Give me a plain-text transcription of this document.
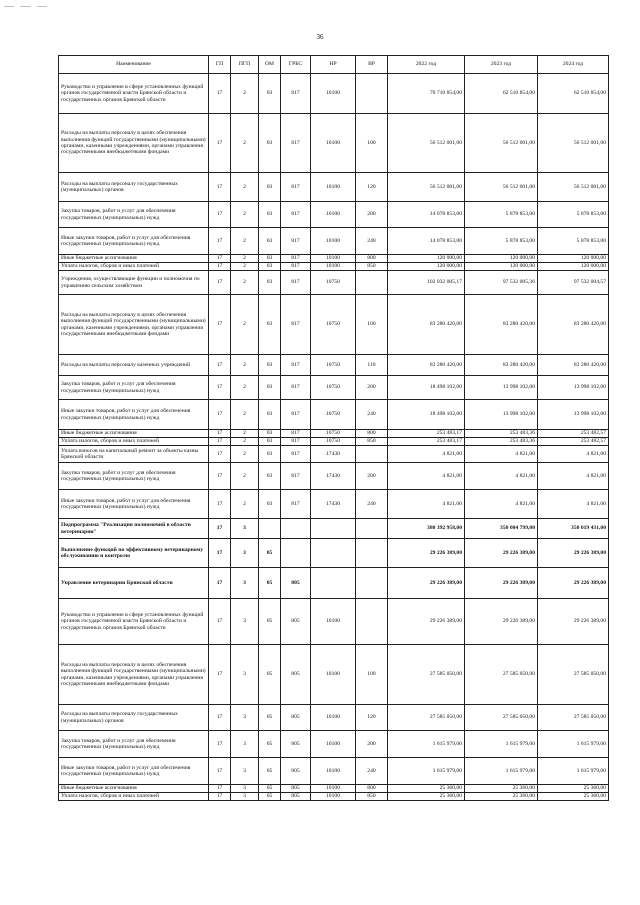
— — —
36
Наименование	ГП	ПГП	ОМ	ГРБС	НР	ВР	2022 год	2023 год	2024 год
Руководство и управление в сфере установленных функций органов государственной власти Брянской области и государственных органов Брянской области	17	2	03	817	10100		70 710 854,00	62 510 854,00	62 510 854,00
Расходы на выплаты персоналу в целях обеспечения выполнения функций государственными (муниципальными) органами, казенными учреждениями, органами управления государственными внебюджетными фондами	17	2	03	817	10100	100	56 512 001,00	56 512 001,00	56 512 001,00
Расходы на выплаты персоналу государственных (муниципальных) органов	17	2	03	817	10100	120	56 512 001,00	56 512 001,00	56 512 001,00
Закупка товаров, работ и услуг для обеспечения государственных (муниципальных) нужд	17	2	03	817	10100	200	14 078 853,00	5 878 853,00	5 878 853,00
Иные закупки товаров, работ и услуг для обеспечения государственных (муниципальных) нужд	17	2	03	817	10100	240	14 078 853,00	5 878 853,00	5 878 853,00
Иные бюджетные ассигнования	17	2	03	817	10100	800	120 000,00	120 000,00	120 000,00
Уплата налогов, сборов и иных платежей	17	2	03	817	10100	850	120 000,00	120 000,00	120 000,00
Учреждения, осуществляющие функции и полномочия по управлению сельским хозяйством	17	2	03	817	10750		102 032 005,17	97 532 005,36	97 532 004,57
Расходы на выплаты персоналу в целях обеспечения выполнения функций государственными (муниципальными) органами, казенными учреждениями, органами управления государственными внебюджетными фондами	17	2	03	817	10750	100	83 280 420,00	83 280 420,00	83 280 420,00
Расходы на выплаты персоналу казенных учреждений	17	2	03	817	10750	110	83 280 420,00	83 280 420,00	83 280 420,00
Закупка товаров, работ и услуг для обеспечения государственных (муниципальных) нужд	17	2	03	817	10750	200	18 498 102,00	13 998 102,00	13 998 102,00
Иные закупки товаров, работ и услуг для обеспечения государственных (муниципальных) нужд	17	2	03	817	10750	240	18 498 102,00	13 998 102,00	13 998 102,00
Иные бюджетные ассигнования	17	2	03	817	10750	800	253 483,17	253 483,36	253 482,57
Уплата налогов, сборов и иных платежей	17	2	03	817	10750	850	253 483,17	253 483,36	253 482,57
Уплата взносов на капитальный ремонт за объекты казны Брянской области	17	2	03	817	17430		4 821,00	4 821,00	4 821,00
Закупка товаров, работ и услуг для обеспечения государственных (муниципальных) нужд	17	2	03	817	17430	200	4 821,00	4 821,00	4 821,00
Иные закупки товаров, работ и услуг для обеспечения государственных (муниципальных) нужд	17	2	03	817	17430	240	4 821,00	4 821,00	4 821,00
Подпрограмма "Реализация полномочий в области ветеринарии"	17	3					380 392 958,00	350 084 799,00	350 019 431,00
Выполнение функций по эффективному ветеринарному обслуживанию и контролю	17	3	05				29 226 389,00	29 226 389,00	29 226 389,00
Управление ветеринарии Брянской области	17	3	05	805			29 226 389,00	29 226 389,00	29 226 389,00
Руководство и управление в сфере установленных функций органов государственной власти Брянской области и государственных органов Брянской области	17	3	05	805	10100		29 226 389,00	29 226 389,00	29 226 389,00
Расходы на выплаты персоналу в целях обеспечения выполнения функций государственными (муниципальными) органами, казенными учреждениями, органами управления государственными внебюджетными фондами	17	3	05	805	10100	100	27 585 050,00	27 585 050,00	27 585 050,00
Расходы на выплаты персоналу государственных (муниципальных) органов	17	3	05	805	10100	120	27 585 050,00	27 585 050,00	27 585 050,00
Закупка товаров, работ и услуг для обеспечения государственных (муниципальных) нужд	17	3	05	805	10100	200	1 615 979,00	1 615 979,00	1 615 979,00
Иные закупки товаров, работ и услуг для обеспечения государственных (муниципальных) нужд	17	3	05	805	10100	240	1 615 979,00	1 615 979,00	1 615 979,00
Иные бюджетные ассигнования	17	3	05	805	10100	800	25 360,00	25 360,00	25 360,00
Уплата налогов, сборов и иных платежей	17	3	05	805	10100	850	25 360,00	25 360,00	25 360,00
